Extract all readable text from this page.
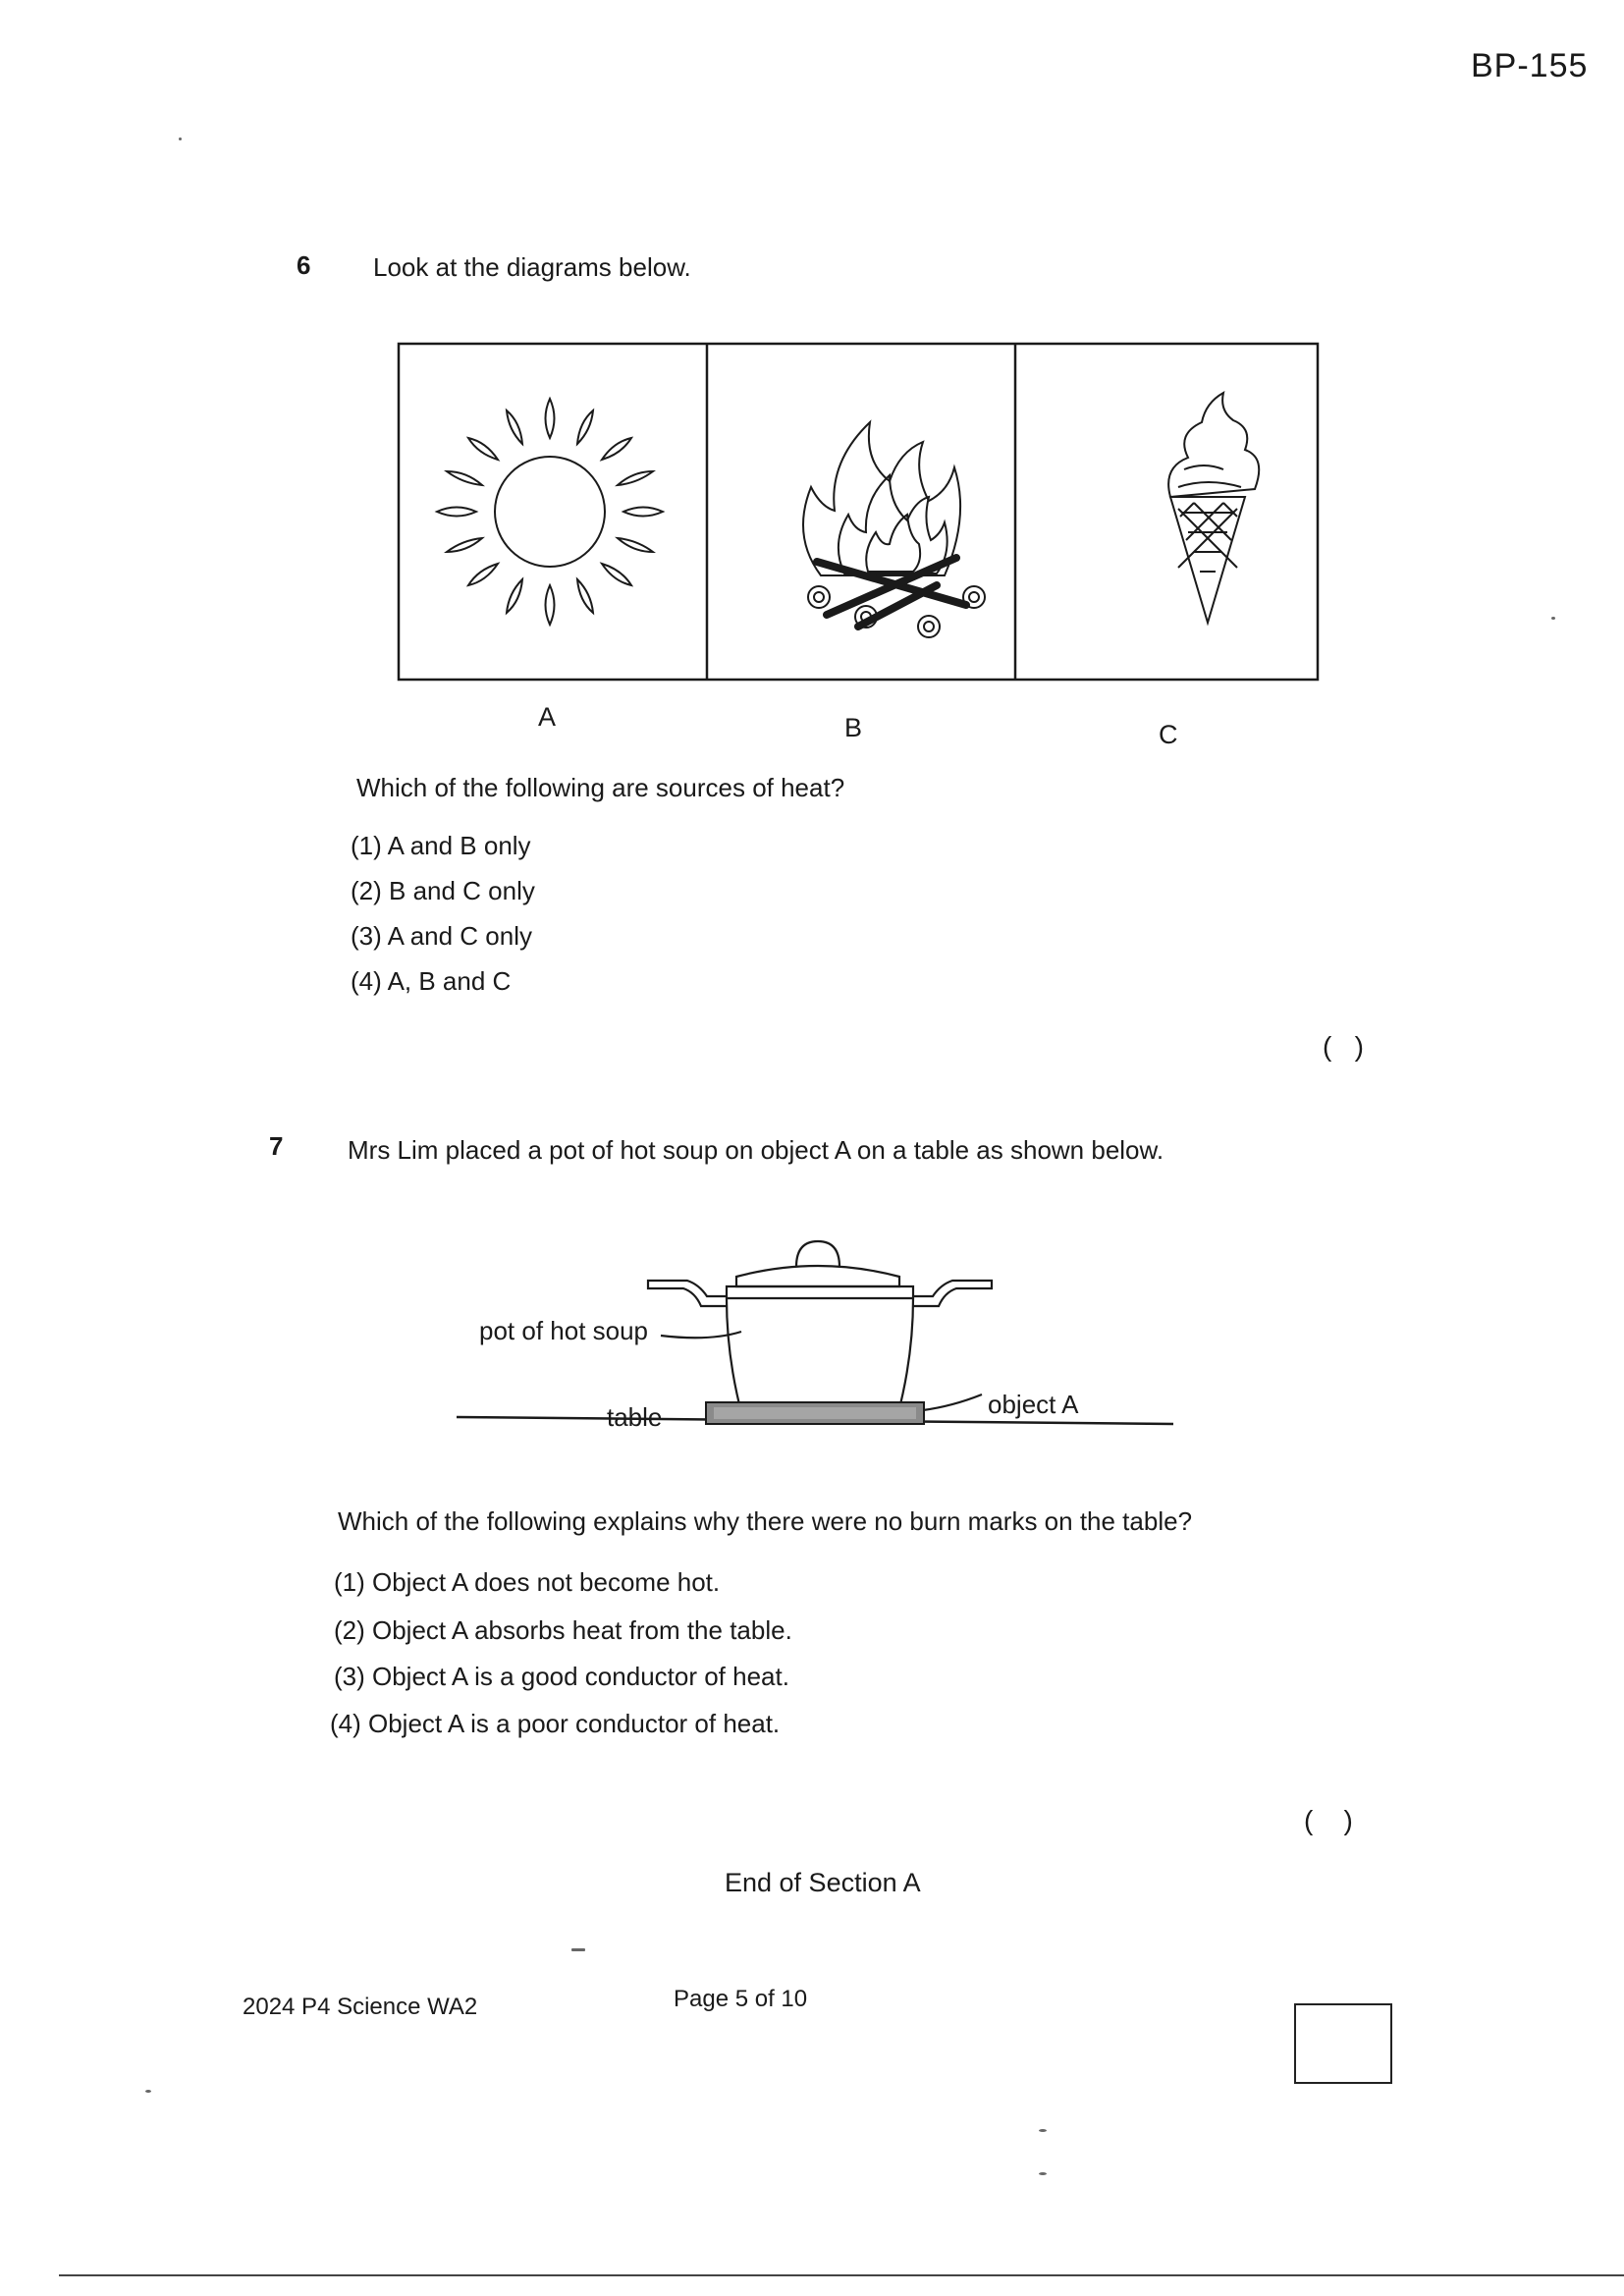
BP-155
6 Look at the diagrams below.
A	B	C
Which of the following are sources of heat?
(1) A and B only
(2) B and C only
(3) A and C only
(4) A, B and C
(   )
7	Mrs Lim placed a pot of hot soup on object A on a table as shown below.
pot of hot soup
table	object A
Which of the following explains why there were no burn marks on the table?
(1) Object A does not become hot.
(2) Object A absorbs heat from the table.
(3) Object A is a good conductor of heat.
(4) Object A is a poor conductor of heat.
(    )
End of Section A
2024 P4 Science WA2	Page 5 of 10
